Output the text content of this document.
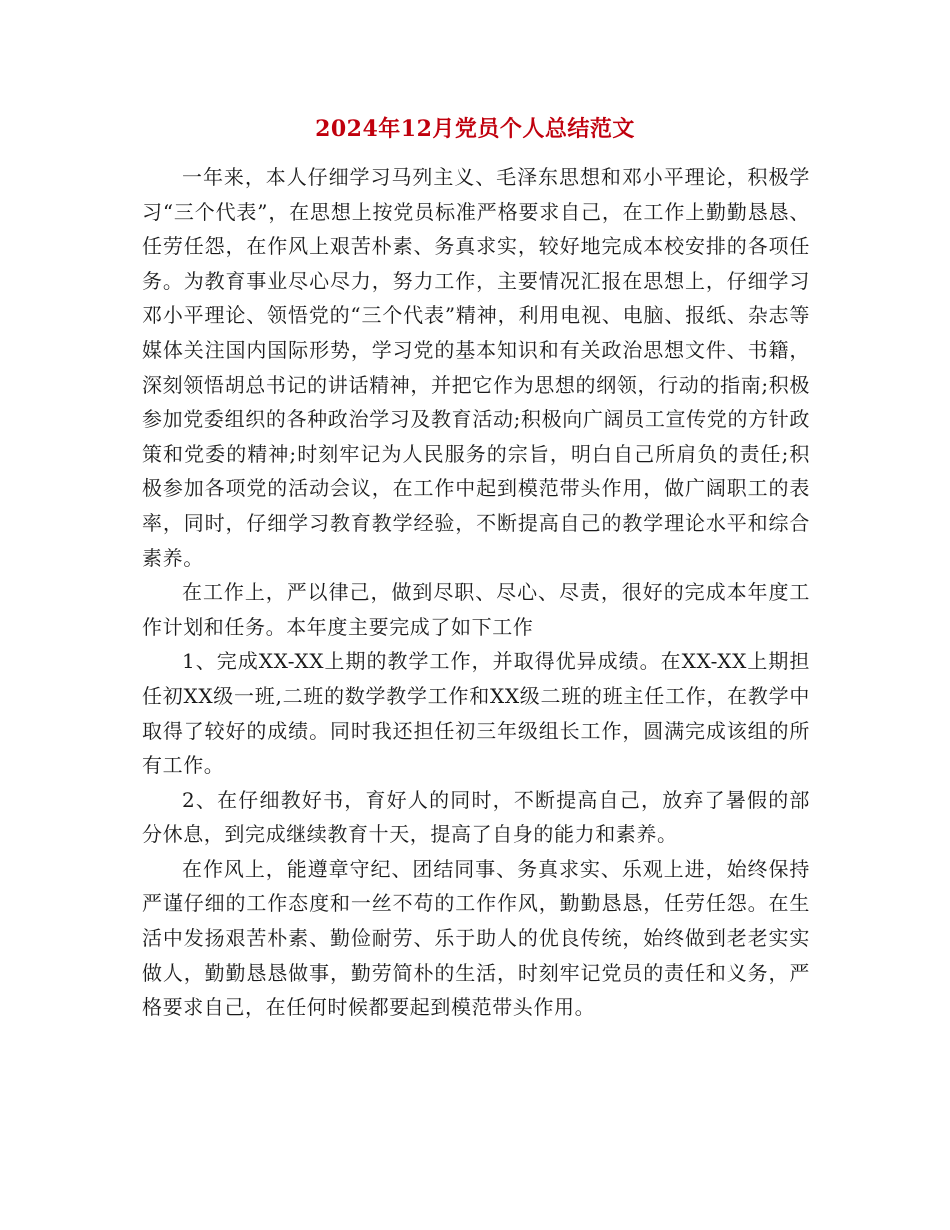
2024年12月党员个人总结范文

一年来，本人仔细学习马列主义、毛泽东思想和邓小平理论，积极学习“三个代表”，在思想上按党员标准严格要求自己，在工作上勤勤恳恳、任劳任怨，在作风上艰苦朴素、务真求实，较好地完成本校安排的各项任务。为教育事业尽心尽力，努力工作，主要情况汇报在思想上，仔细学习邓小平理论、领悟党的“三个代表”精神，利用电视、电脑、报纸、杂志等媒体关注国内国际形势，学习党的基本知识和有关政治思想文件、书籍，深刻领悟胡总书记的讲话精神，并把它作为思想的纲领，行动的指南;积极参加党委组织的各种政治学习及教育活动;积极向广阔员工宣传党的方针政策和党委的精神;时刻牢记为人民服务的宗旨，明白自己所肩负的责任;积极参加各项党的活动会议，在工作中起到模范带头作用，做广阔职工的表率，同时，仔细学习教育教学经验，不断提高自己的教学理论水平和综合素养。

在工作上，严以律己，做到尽职、尽心、尽责，很好的完成本年度工作计划和任务。本年度主要完成了如下工作

1、完成XX-XX上期的教学工作，并取得优异成绩。在XX-XX上期担任初XX级一班,二班的数学教学工作和XX级二班的班主任工作，在教学中取得了较好的成绩。同时我还担任初三年级组长工作，圆满完成该组的所有工作。

2、在仔细教好书，育好人的同时，不断提高自己，放弃了暑假的部分休息，到完成继续教育十天，提高了自身的能力和素养。

在作风上，能遵章守纪、团结同事、务真求实、乐观上进，始终保持严谨仔细的工作态度和一丝不苟的工作作风，勤勤恳恳，任劳任怨。在生活中发扬艰苦朴素、勤俭耐劳、乐于助人的优良传统，始终做到老老实实做人，勤勤恳恳做事，勤劳简朴的生活，时刻牢记党员的责任和义务，严格要求自己，在任何时候都要起到模范带头作用。
